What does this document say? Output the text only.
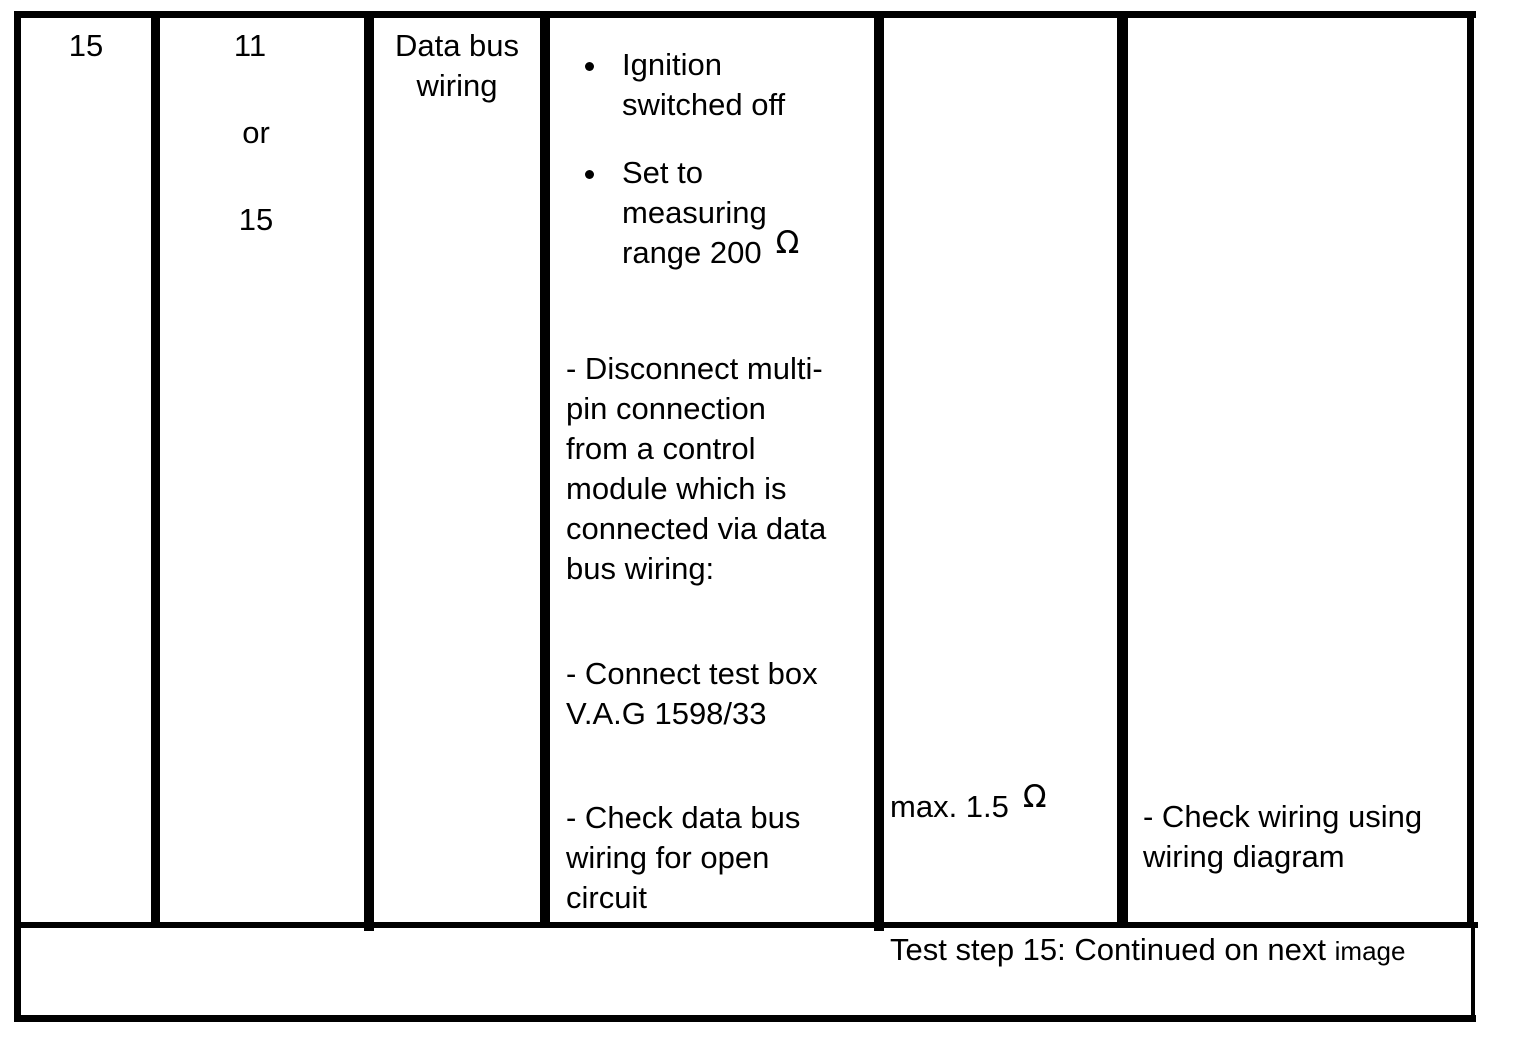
15	11
or
15
Data bus
wiring
Ignition
switched off
Set to
measuring
range 200 Ω
- Disconnect multi-
pin connection
from a control
module which is
connected via data
bus wiring:
- Connect test box
V.A.G 1598/33
- Check data bus
wiring for open
circuit
max. 1.5 Ω
- Check wiring using
wiring diagram
Test step 15: Continued on next image
